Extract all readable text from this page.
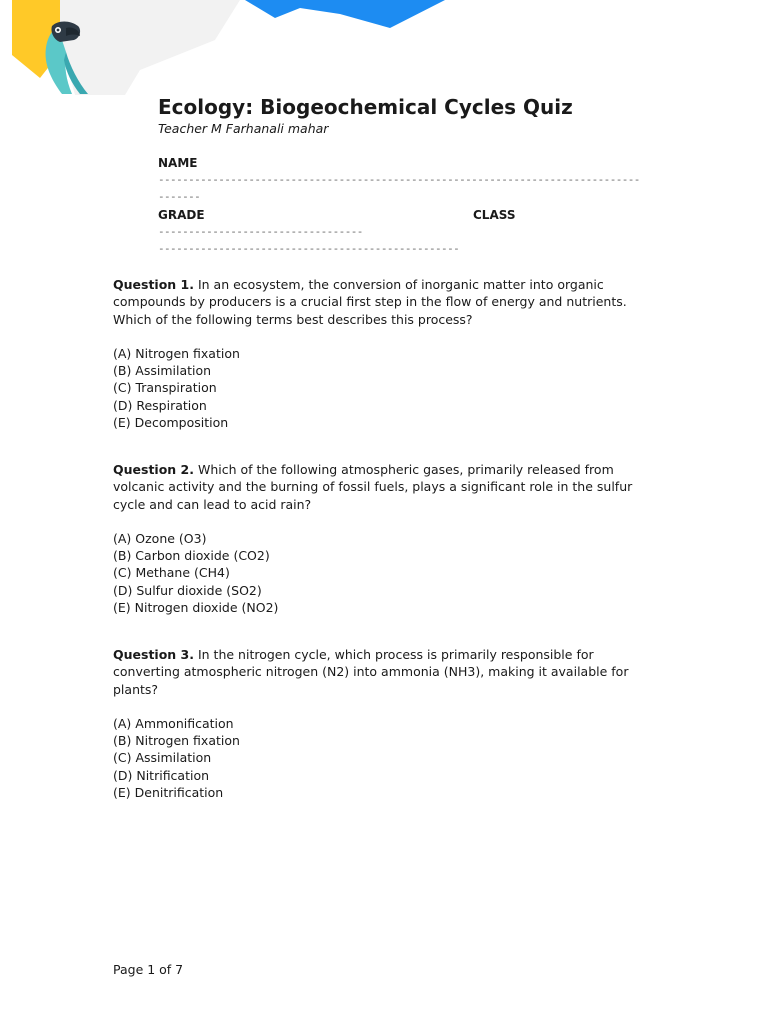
Ecology: Biogeochemical Cycles Quiz

Teacher M Farhanali mahar

NAME
--------------------------------------------------------------------------------
-------
GRADE	CLASS
----------------------------------
--------------------------------------------------

Question 1. In an ecosystem, the conversion of inorganic matter into organic compounds by producers is a crucial first step in the flow of energy and nutrients. Which of the following terms best describes this process?

(A) Nitrogen fixation
(B) Assimilation
(C) Transpiration
(D) Respiration
(E) Decomposition

Question 2. Which of the following atmospheric gases, primarily released from volcanic activity and the burning of fossil fuels, plays a significant role in the sulfur cycle and can lead to acid rain?

(A) Ozone (O3)
(B) Carbon dioxide (CO2)
(C) Methane (CH4)
(D) Sulfur dioxide (SO2)
(E) Nitrogen dioxide (NO2)

Question 3. In the nitrogen cycle, which process is primarily responsible for converting atmospheric nitrogen (N2) into ammonia (NH3), making it available for plants?

(A) Ammonification
(B) Nitrogen fixation
(C) Assimilation
(D) Nitrification
(E) Denitrification
Page 1 of 7
